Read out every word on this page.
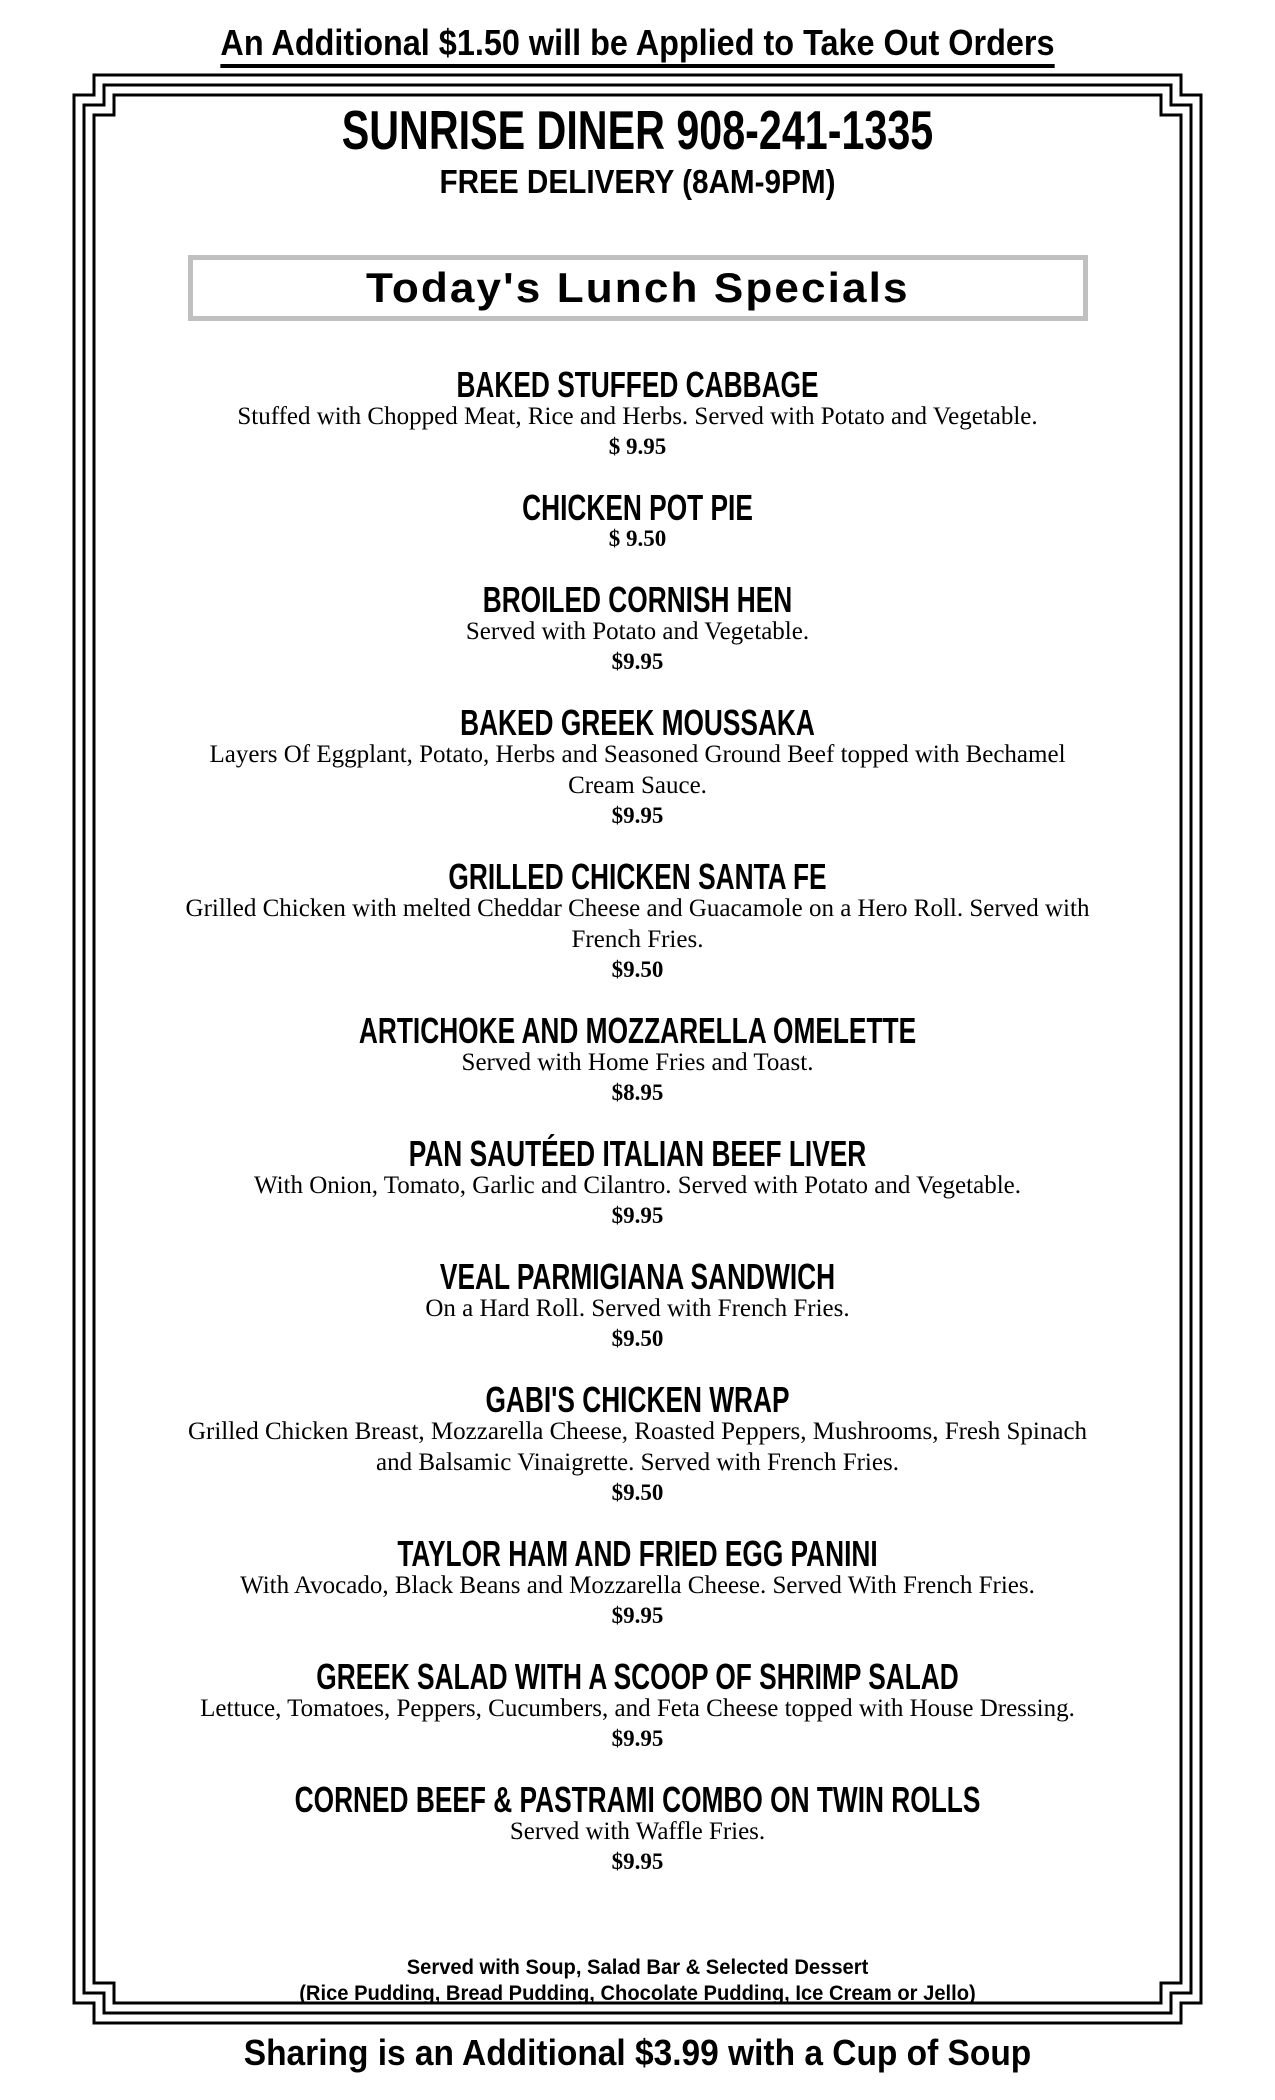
An Additional $1.50 will be Applied to Take Out Orders
SUNRISE DINER 908-241-1335
FREE DELIVERY (8AM-9PM)
Today's Lunch Specials
BAKED STUFFED CABBAGE
Stuffed with Chopped Meat, Rice and Herbs. Served with Potato and Vegetable.
$ 9.95
CHICKEN POT PIE
$ 9.50
BROILED CORNISH HEN
Served with Potato and Vegetable.
$9.95
BAKED GREEK MOUSSAKA
Layers Of Eggplant, Potato, Herbs and Seasoned Ground Beef topped with Bechamel Cream Sauce.
$9.95
GRILLED CHICKEN SANTA FE
Grilled Chicken with melted Cheddar Cheese and Guacamole on a Hero Roll. Served with French Fries.
$9.50
ARTICHOKE AND MOZZARELLA OMELETTE
Served with Home Fries and Toast.
$8.95
PAN SAUTÉED ITALIAN BEEF LIVER
With Onion, Tomato, Garlic and Cilantro. Served with Potato and Vegetable.
$9.95
VEAL PARMIGIANA SANDWICH
On a Hard Roll. Served with French Fries.
$9.50
GABI'S CHICKEN WRAP
Grilled Chicken Breast, Mozzarella Cheese, Roasted Peppers, Mushrooms, Fresh Spinach and Balsamic Vinaigrette. Served with French Fries.
$9.50
TAYLOR HAM AND FRIED EGG PANINI
With Avocado, Black Beans and Mozzarella Cheese. Served With French Fries.
$9.95
GREEK SALAD WITH A SCOOP OF SHRIMP SALAD
Lettuce, Tomatoes, Peppers, Cucumbers, and Feta Cheese topped with House Dressing.
$9.95
CORNED BEEF & PASTRAMI COMBO ON TWIN ROLLS
Served with Waffle Fries.
$9.95
Served with Soup, Salad Bar & Selected Dessert
(Rice Pudding, Bread Pudding, Chocolate Pudding, Ice Cream or Jello)
Sharing is an Additional $3.99 with a Cup of Soup
